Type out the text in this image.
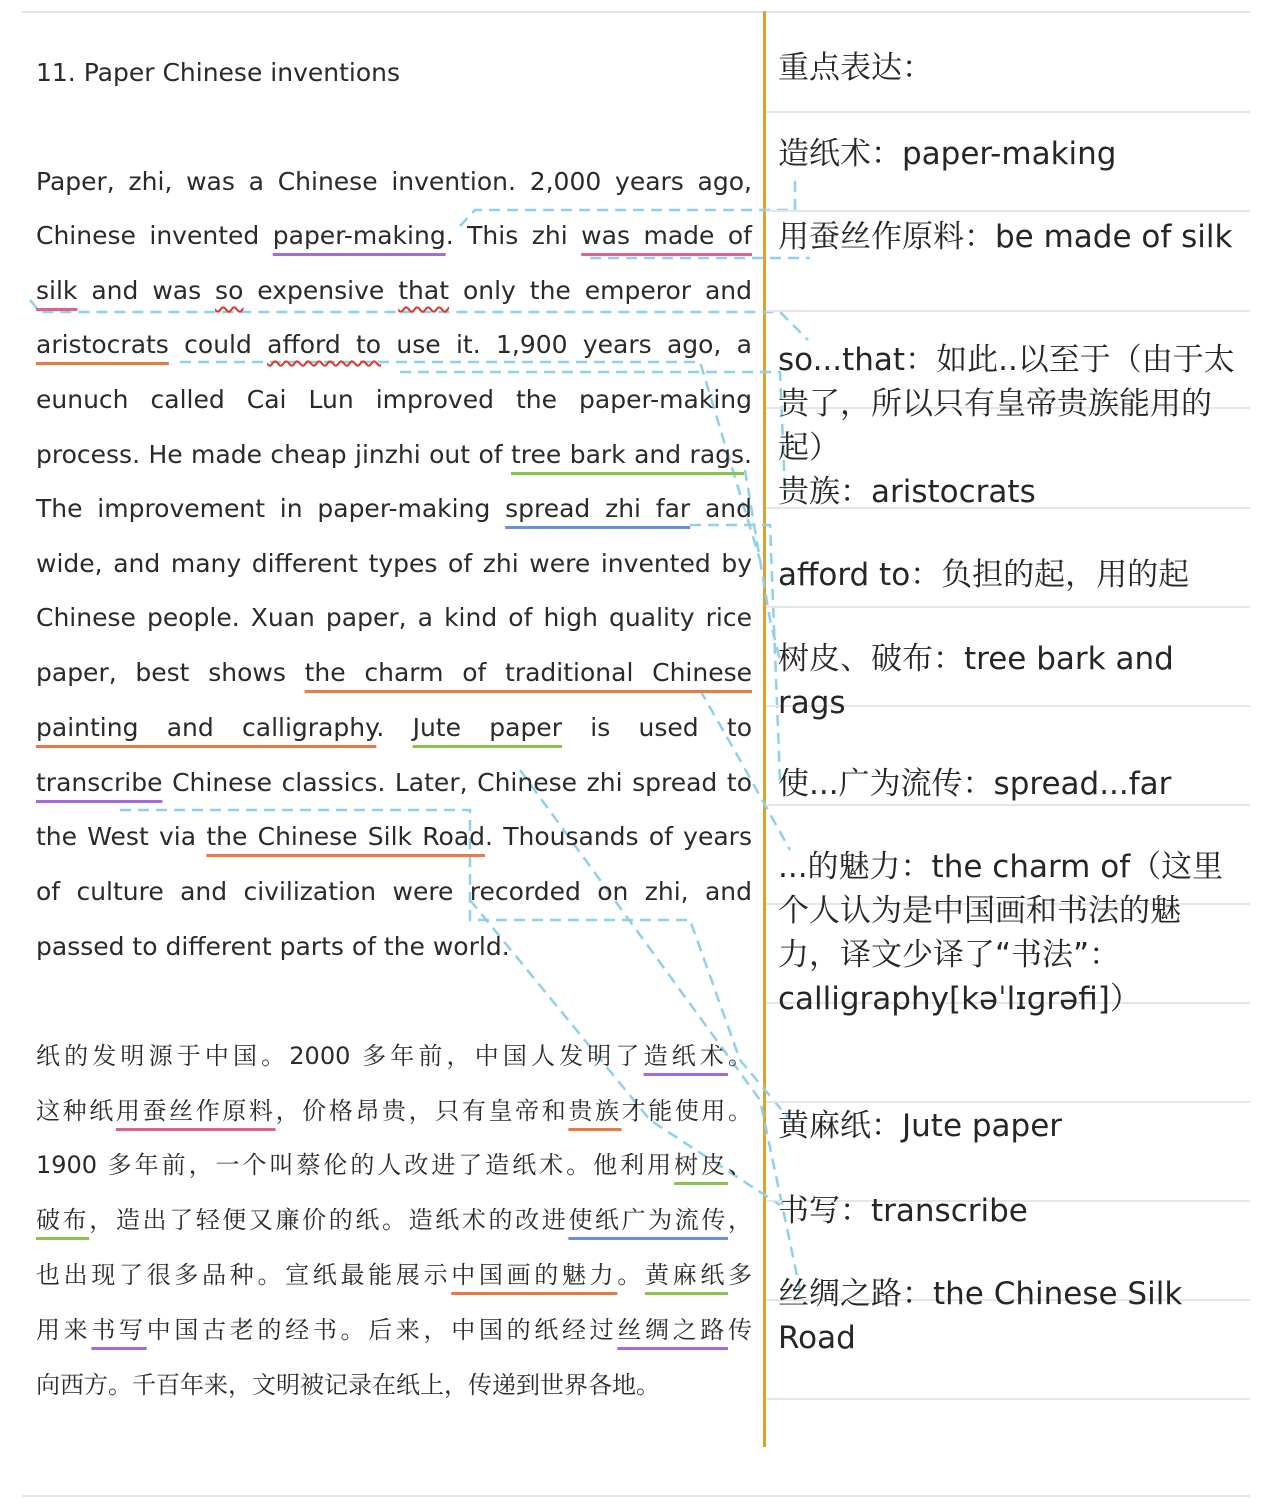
11. Paper Chinese inventions
Paper, zhi, was a Chinese invention. 2,000 years ago,
Chinese invented paper-making. This zhi was made of
silk and was so expensive that only the emperor and
aristocrats could afford to use it. 1,900 years ago, a
eunuch called Cai Lun improved the paper-making
process. He made cheap jinzhi out of tree bark and rags.
The improvement in paper-making spread zhi far and
wide, and many different types of zhi were invented by
Chinese people. Xuan paper, a kind of high quality rice
paper, best shows the charm of traditional Chinese
painting and calligraphy. Jute paper is used to
transcribe Chinese classics. Later, Chinese zhi spread to
the West via the Chinese Silk Road. Thousands of years
of culture and civilization were recorded on zhi, and
passed to different parts of the world.
纸的发明源于中国。2000 多年前，中国人发明了造纸术。
这种纸用蚕丝作原料，价格昂贵，只有皇帝和贵族才能使用。
1900 多年前，一个叫蔡伦的人改进了造纸术。他利用树皮、
破布，造出了轻便又廉价的纸。造纸术的改进使纸广为流传，
也出现了很多品种。宣纸最能展示中国画的魅力。黄麻纸多
用来书写中国古老的经书。后来，中国的纸经过丝绸之路传
向西方。千百年来，文明被记录在纸上，传递到世界各地。
重点表达：
造纸术：paper-making
用蚕丝作原料：be made of silk
so...that：如此..以至于（由于太贵了，所以只有皇帝贵族能用的起）
贵族：aristocrats
afford to：负担的起，用的起
树皮、破布：tree bark and rags
使...广为流传：spread...far
...的魅力：the charm of（这里个人认为是中国画和书法的魅力，译文少译了“书法”：calligraphy[kəˈlɪɡrəfi]）
黄麻纸：Jute paper
书写：transcribe
丝绸之路：the Chinese Silk Road
